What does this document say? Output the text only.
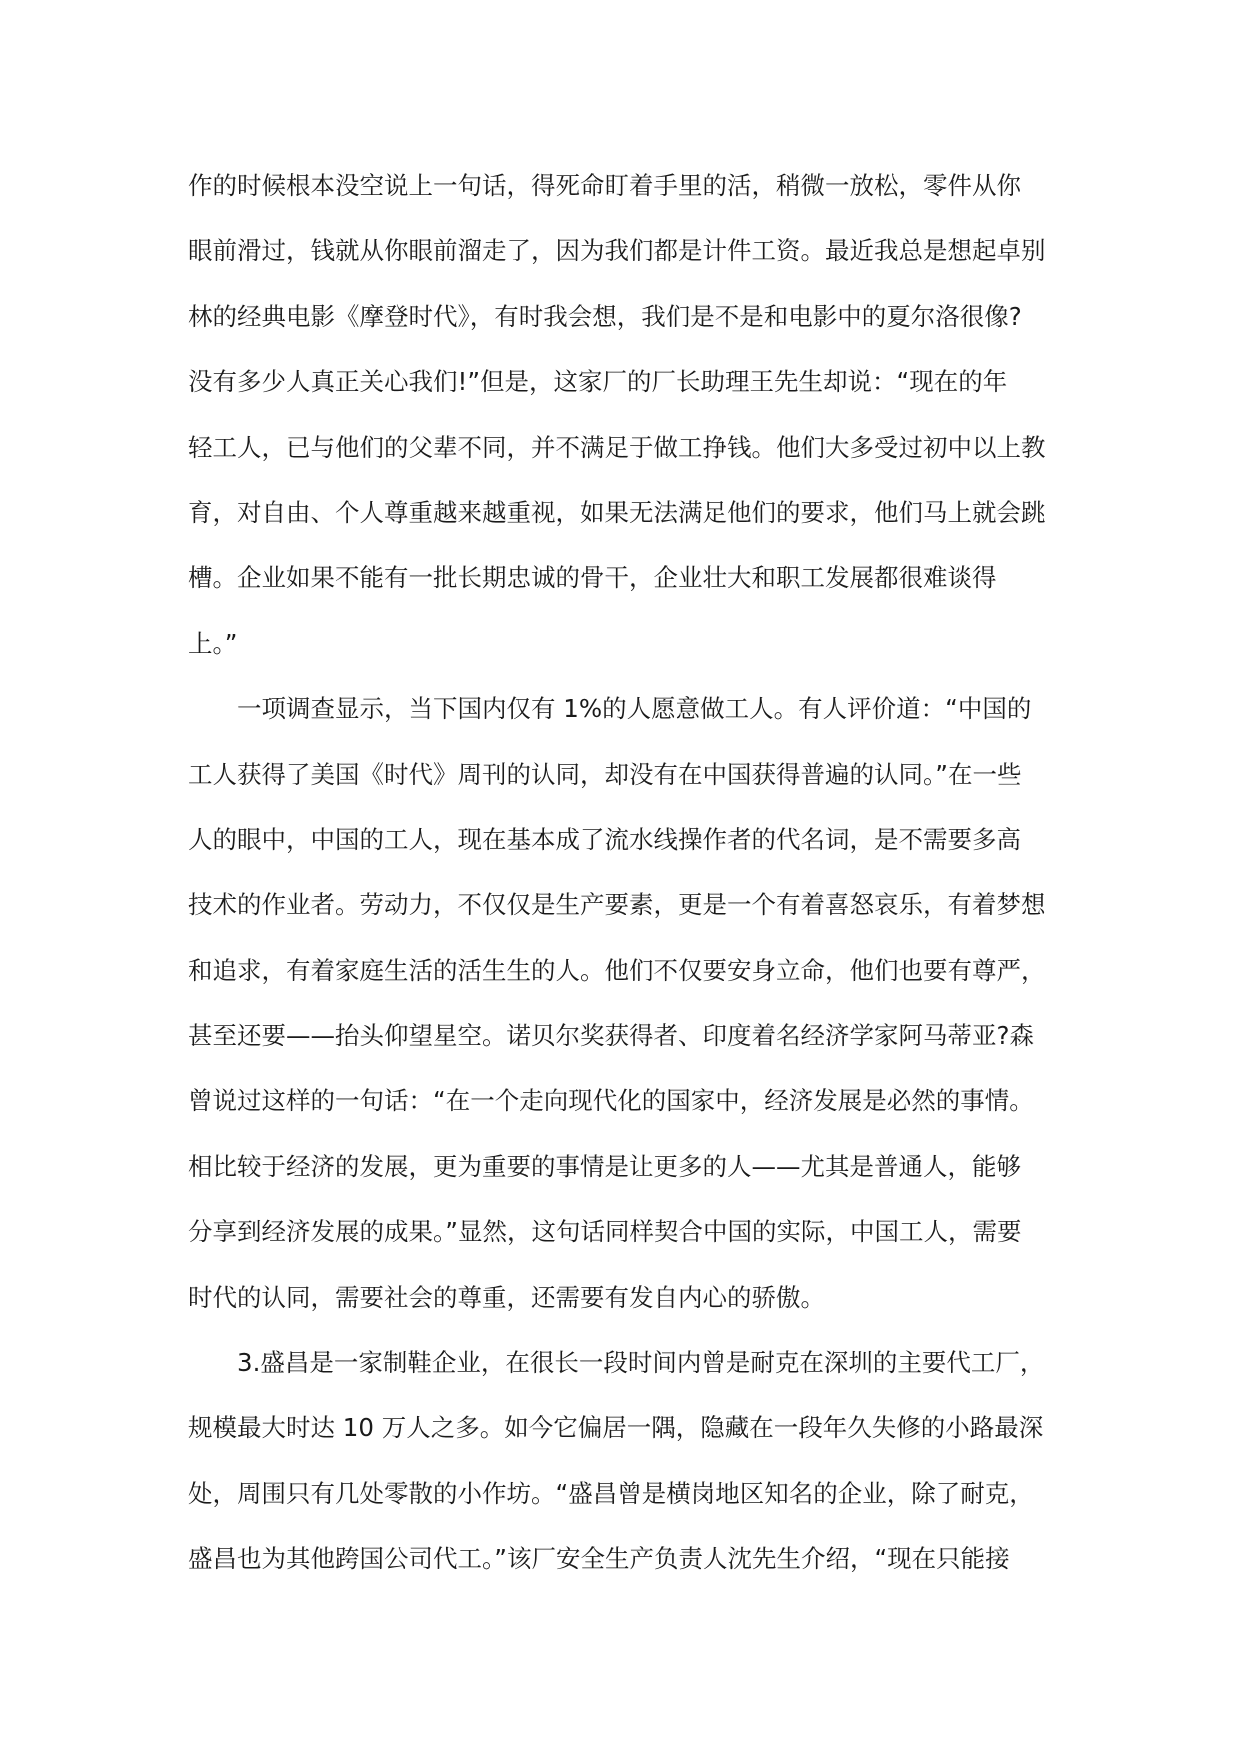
作的时候根本没空说上一句话，得死命盯着手里的活，稍微一放松，零件从你
眼前滑过，钱就从你眼前溜走了，因为我们都是计件工资。最近我总是想起卓别
林的经典电影《摩登时代》，有时我会想，我们是不是和电影中的夏尔洛很像?
没有多少人真正关心我们!”但是，这家厂的厂长助理王先生却说：“现在的年
轻工人，已与他们的父辈不同，并不满足于做工挣钱。他们大多受过初中以上教
育，对自由、个人尊重越来越重视，如果无法满足他们的要求，他们马上就会跳
槽。企业如果不能有一批长期忠诚的骨干，企业壮大和职工发展都很难谈得
上。”
一项调查显示，当下国内仅有 1%的人愿意做工人。有人评价道：“中国的
工人获得了美国《时代》周刊的认同，却没有在中国获得普遍的认同。”在一些
人的眼中，中国的工人，现在基本成了流水线操作者的代名词，是不需要多高
技术的作业者。劳动力，不仅仅是生产要素，更是一个有着喜怒哀乐，有着梦想
和追求，有着家庭生活的活生生的人。他们不仅要安身立命，他们也要有尊严，
甚至还要——抬头仰望星空。诺贝尔奖获得者、印度着名经济学家阿马蒂亚?森
曾说过这样的一句话：“在一个走向现代化的国家中，经济发展是必然的事情。
相比较于经济的发展，更为重要的事情是让更多的人——尤其是普通人，能够
分享到经济发展的成果。”显然，这句话同样契合中国的实际，中国工人，需要
时代的认同，需要社会的尊重，还需要有发自内心的骄傲。
3.盛昌是一家制鞋企业，在很长一段时间内曾是耐克在深圳的主要代工厂，
规模最大时达 10 万人之多。如今它偏居一隅，隐藏在一段年久失修的小路最深
处，周围只有几处零散的小作坊。“盛昌曾是横岗地区知名的企业，除了耐克，
盛昌也为其他跨国公司代工。”该厂安全生产负责人沈先生介绍，“现在只能接
